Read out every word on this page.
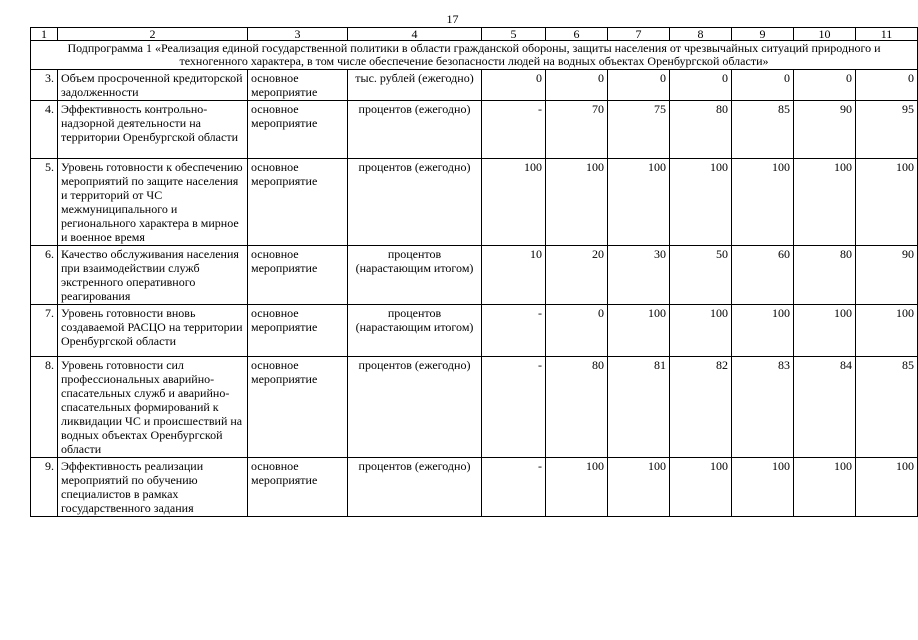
17
1	2	3	4	5	6	7	8	9	10	11
Подпрограмма 1 «Реализация единой государственной политики в области гражданской обороны, защиты населения от чрезвычайных ситуаций природного и техногенного характера, в том числе обеспечение безопасности людей на водных объектах Оренбургской области»										
3.	Объем просроченной кредиторской задолженности	основное мероприятие	тыс. рублей (ежегодно)	0	0	0	0	0	0	0
4.	Эффективность контрольно-надзорной деятельности на территории Оренбургской области	основное мероприятие	процентов (ежегодно)	-	70	75	80	85	90	95
5.	Уровень готовности к обеспечению мероприятий по защите населения и территорий от ЧС межмуниципального и регионального характера в мирное и военное время	основное мероприятие	процентов (ежегодно)	100	100	100	100	100	100	100
6.	Качество обслуживания населения при взаимодействии служб экстренного оперативного реагирования	основное мероприятие	процентов (нарастающим итогом)	10	20	30	50	60	80	90
7.	Уровень готовности вновь создаваемой РАСЦО на территории Оренбургской области	основное мероприятие	процентов (нарастающим итогом)	-	0	100	100	100	100	100
8.	Уровень готовности сил профессиональных аварийно-спасательных служб и аварийно-спасательных формирований к ликвидации ЧС и происшествий на водных объектах Оренбургской области	основное мероприятие	процентов (ежегодно)	-	80	81	82	83	84	85
9.	Эффективность реализации мероприятий по обучению специалистов в рамках государственного задания	основное мероприятие	процентов (ежегодно)	-	100	100	100	100	100	100
